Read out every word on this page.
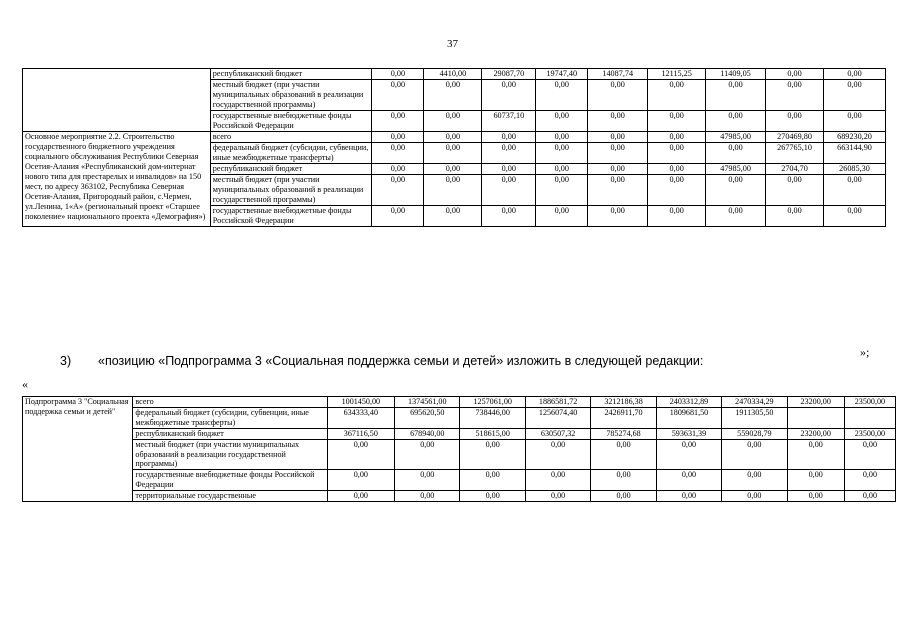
37
	республиканский бюджет	0,00	4410,00	29087,70	19747,40	14087,74	12115,25	11409,05	0,00	0,00
	местный бюджет (при участии муниципальных образований в реализации государственной программы)	0,00	0,00	0,00	0,00	0,00	0,00	0,00	0,00	0,00
	государственные внебюджетные фонды Российской Федерации	0,00	0,00	60737,10	0,00	0,00	0,00	0,00	0,00	0,00
Основное мероприятие 2.2. Строительство государственного бюджетного учреждения социального обслуживания Республики Северная Осетия-Алания «Республиканский дом-интернат нового типа для престарелых и инвалидов» на 150 мест, по адресу 363102, Республика Северная Осетия-Алания, Пригородный район, с.Чермен, ул.Ленина, 1«А» (региональный проект «Старшее поколение» национального проекта «Демография»)	всего	0,00	0,00	0,00	0,00	0,00	0,00	47985,00	270469,80	689230,20
	федеральный бюджет (субсидии, субвенции, иные межбюджетные трансферты)	0,00	0,00	0,00	0,00	0,00	0,00	0,00	267765,10	663144,90
	республиканский бюджет	0,00	0,00	0,00	0,00	0,00	0,00	47985,00	2704,70	26085,30
	местный бюджет (при участии муниципальных образований в реализации государственной программы)	0,00	0,00	0,00	0,00	0,00	0,00	0,00	0,00	0,00
	государственные внебюджетные фонды Российской Федерации	0,00	0,00	0,00	0,00	0,00	0,00	0,00	0,00	0,00
»;
3) «позицию «Подпрограмма 3 «Социальная поддержка семьи и детей» изложить в следующей редакции:
«
Подпрограмма 3 "Социальная поддержка семьи и детей"	всего	1001450,00	1374561,00	1257061,00	1886581,72	3212186,38	2403312,89	2470334,29	23200,00	23500,00
	федеральный бюджет (субсидии, субвенции, иные межбюджетные трансферты)	634333,40	695620,50	738446,00	1256074,40	2426911,70	1809681,50	1911305,50		
	республиканский бюджет	367116,50	678940,00	518615,00	630507,32	785274,68	593631,39	559028,79	23200,00	23500,00
	местный бюджет (при участии муниципальных образований в реализации государственной программы)	0,00	0,00	0,00	0,00	0,00	0,00	0,00	0,00	0,00
	государственные внебюджетные фонды Российской Федерации	0,00	0,00	0,00	0,00	0,00	0,00	0,00	0,00	0,00
	территориальные государственные	0,00	0,00	0,00	0,00	0,00	0,00	0,00	0,00	0,00
